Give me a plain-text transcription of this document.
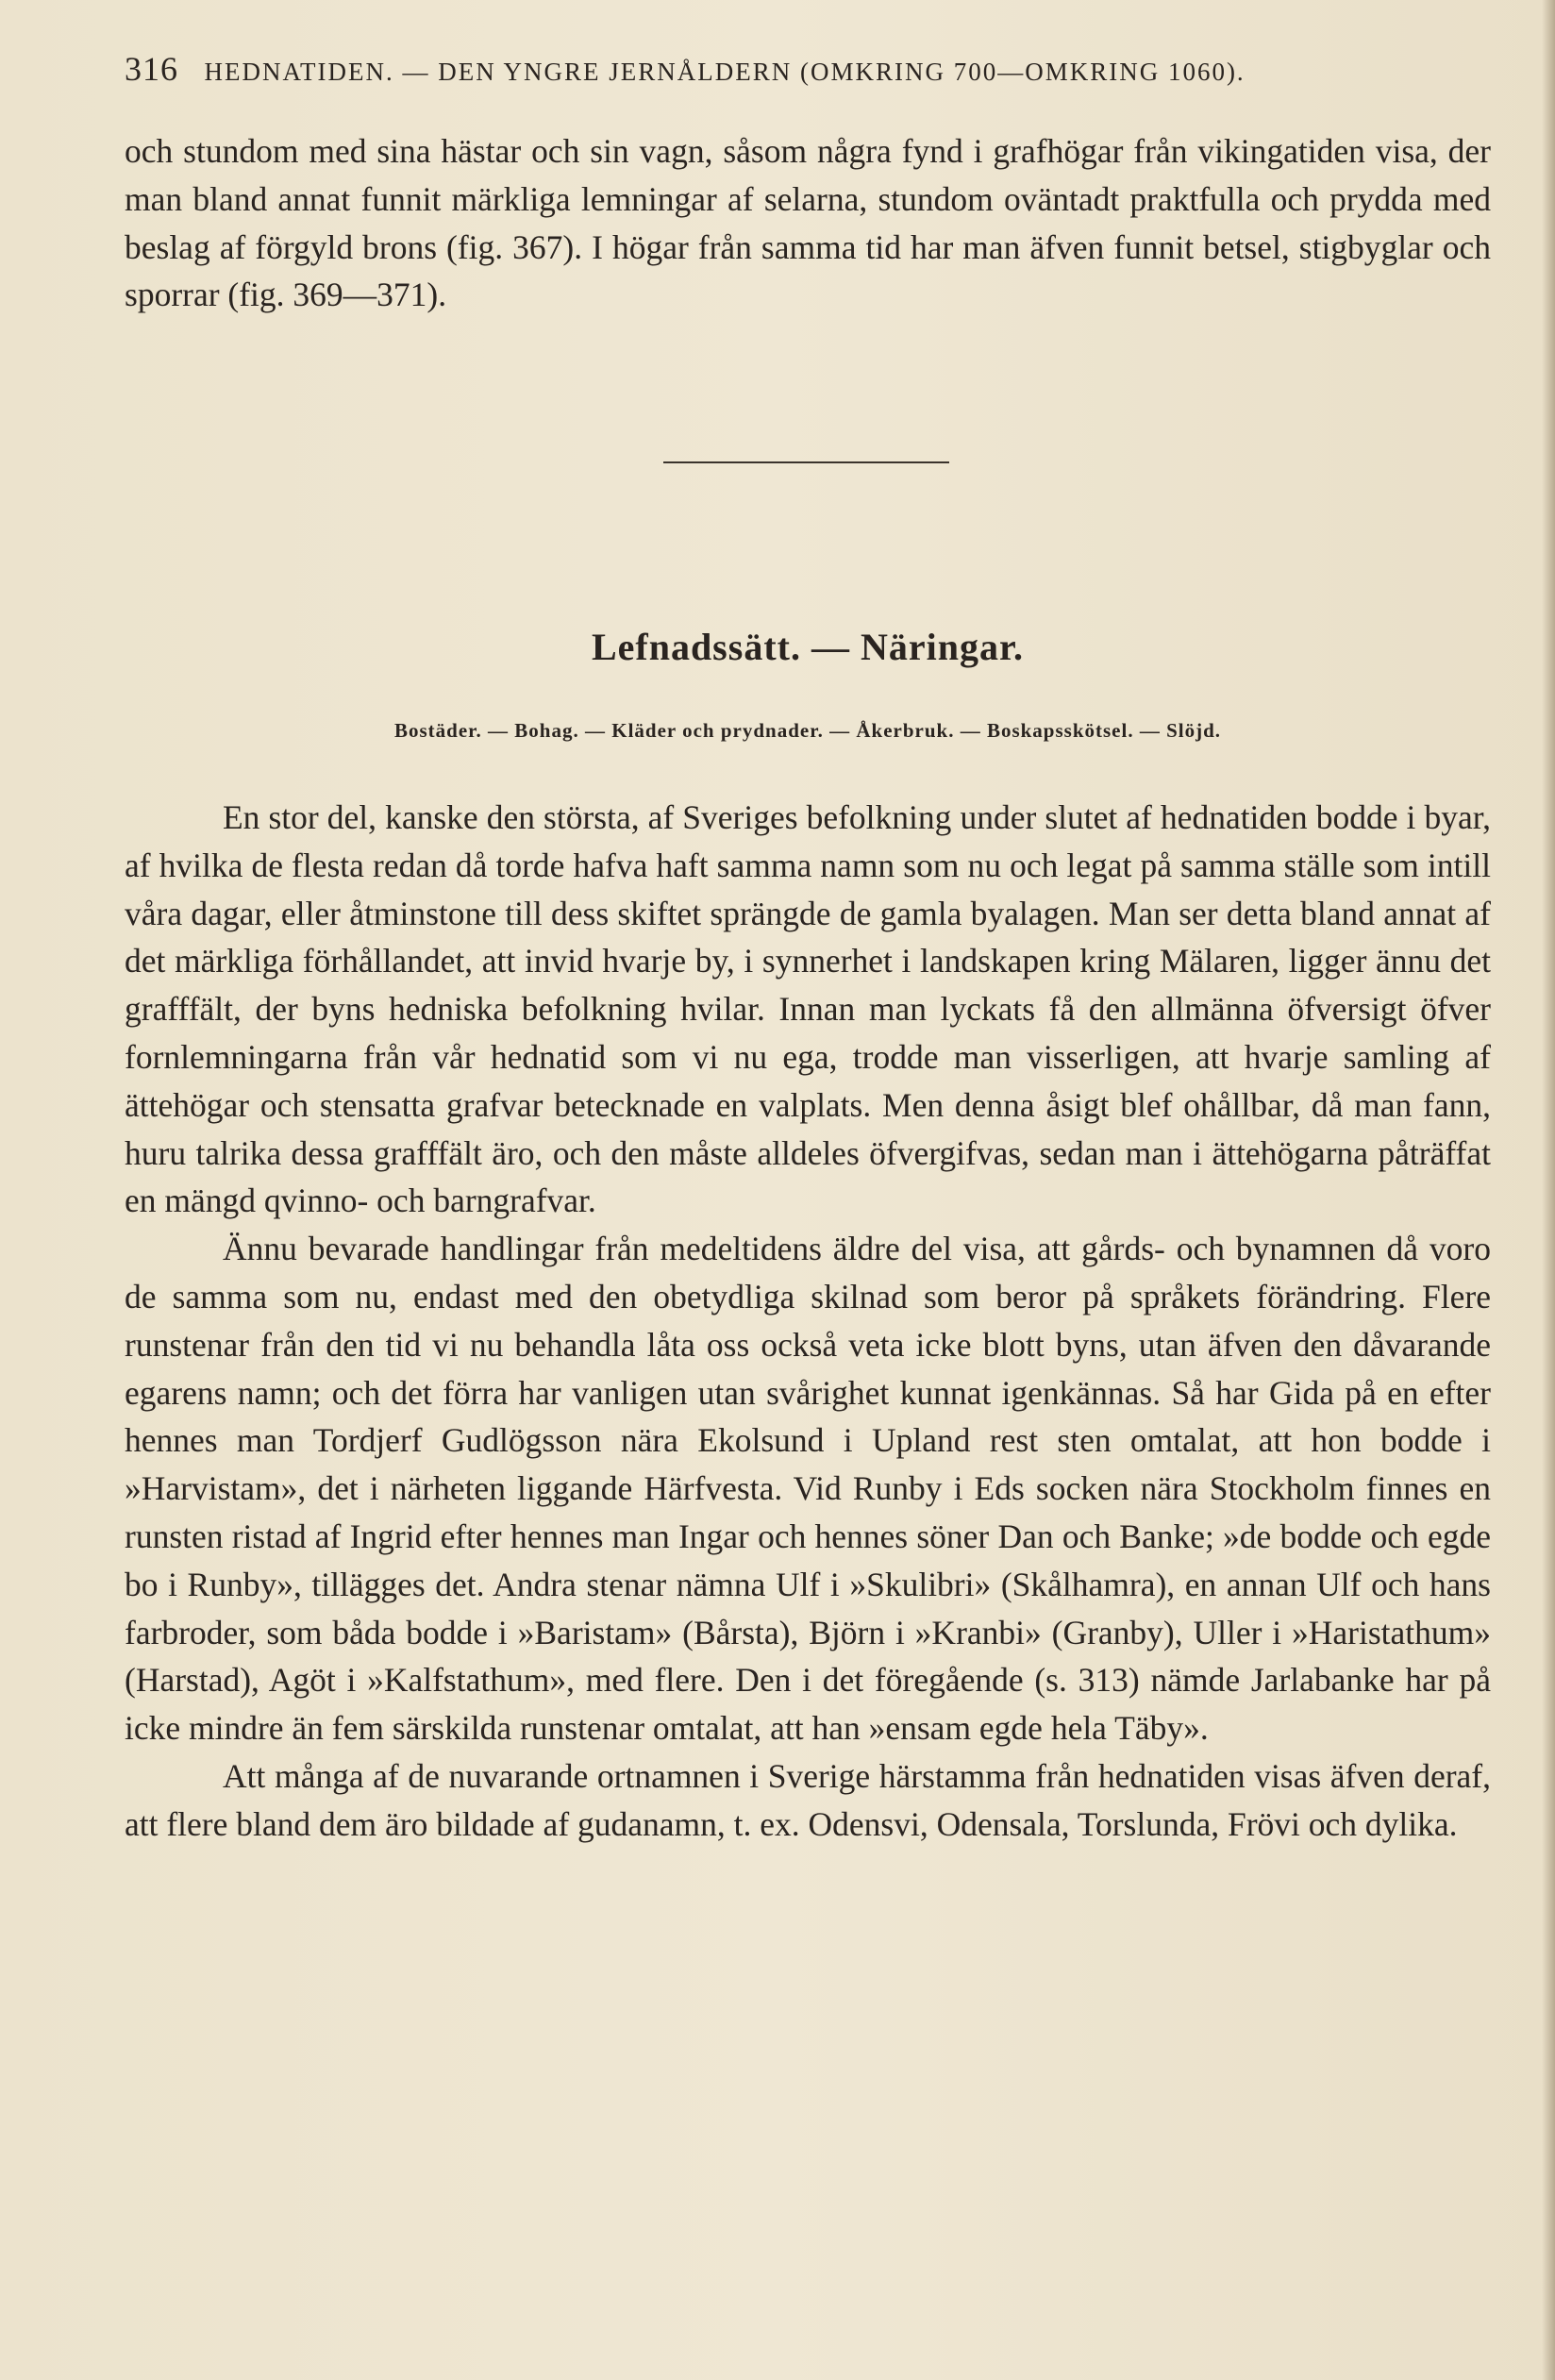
316 HEDNATIDEN. — DEN YNGRE JERNÅLDERN (OMKRING 700—OMKRING 1060).

och stundom med sina hästar och sin vagn, såsom några fynd i grafhögar från vikingatiden visa, der man bland annat funnit märkliga lemningar af selarna, stundom oväntadt praktfulla och prydda med beslag af förgyld brons (fig. 367). I högar från samma tid har man äfven funnit betsel, stigbyglar och sporrar (fig. 369—371).

Lefnadssätt. — Näringar.
Bostäder. — Bohag. — Kläder och prydnader. — Åkerbruk. — Boskapsskötsel. — Slöjd.

En stor del, kanske den största, af Sveriges befolkning under slutet af hednatiden bodde i byar, af hvilka de flesta redan då torde hafva haft samma namn som nu och legat på samma ställe som intill våra dagar, eller åtminstone till dess skiftet sprängde de gamla byalagen. Man ser detta bland annat af det märkliga förhållandet, att invid hvarje by, i synnerhet i landskapen kring Mälaren, ligger ännu det grafffält, der byns hedniska befolkning hvilar. Innan man lyckats få den allmänna öfversigt öfver fornlemningarna från vår hednatid som vi nu ega, trodde man visserligen, att hvarje samling af ättehögar och stensatta grafvar betecknade en valplats. Men denna åsigt blef ohållbar, då man fann, huru talrika dessa grafffält äro, och den måste alldeles öfvergifvas, sedan man i ättehögarna påträffat en mängd qvinno- och barngrafvar.

Ännu bevarade handlingar från medeltidens äldre del visa, att gårds- och bynamnen då voro de samma som nu, endast med den obetydliga skilnad som beror på språkets förändring. Flere runstenar från den tid vi nu behandla låta oss också veta icke blott byns, utan äfven den dåvarande egarens namn; och det förra har vanligen utan svårighet kunnat igenkännas. Så har Gida på en efter hennes man Tordjerf Gudlögsson nära Ekolsund i Upland rest sten omtalat, att hon bodde i »Harvistam», det i närheten liggande Härfvesta. Vid Runby i Eds socken nära Stockholm finnes en runsten ristad af Ingrid efter hennes man Ingar och hennes söner Dan och Banke; »de bodde och egde bo i Runby», tillägges det. Andra stenar nämna Ulf i »Skulibri» (Skålhamra), en annan Ulf och hans farbroder, som båda bodde i »Baristam» (Bårsta), Björn i »Kranbi» (Granby), Uller i »Haristathum» (Harstad), Agöt i »Kalfstathum», med flere. Den i det föregående (s. 313) nämde Jarlabanke har på icke mindre än fem särskilda runstenar omtalat, att han »ensam egde hela Täby».

Att många af de nuvarande ortnamnen i Sverige härstamma från hednatiden visas äfven deraf, att flere bland dem äro bildade af gudanamn, t. ex. Odensvi, Odensala, Torslunda, Frövi och dylika.
